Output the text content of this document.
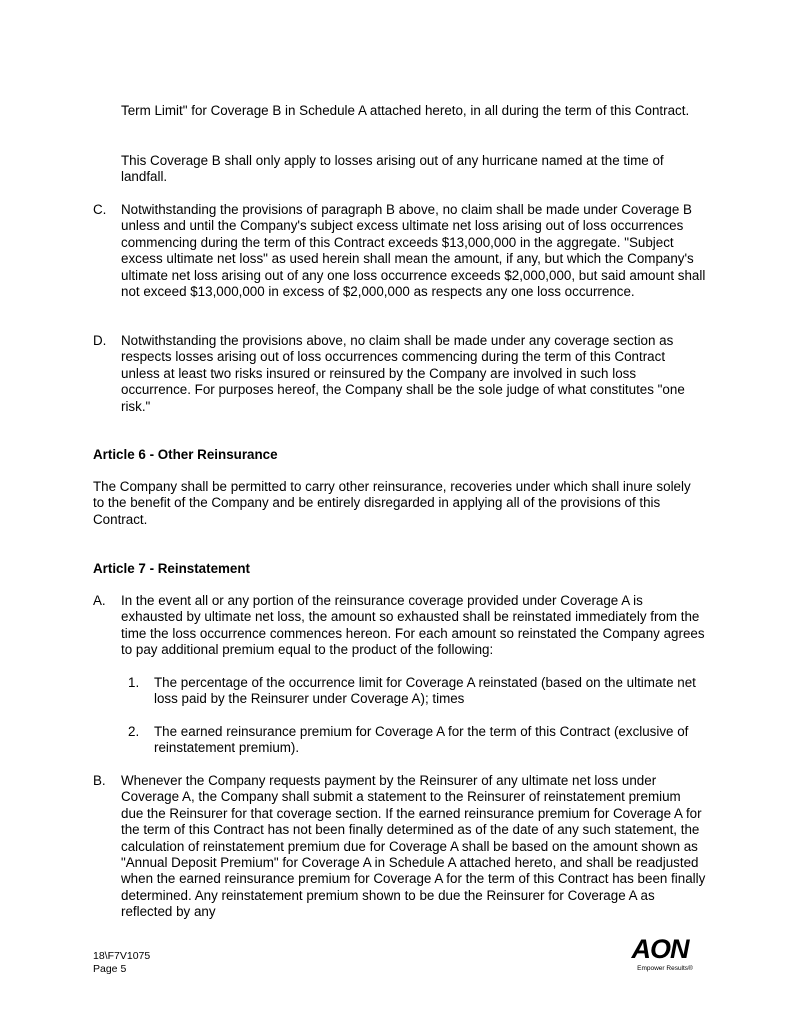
Term Limit" for Coverage B in Schedule A attached hereto, in all during the term of this Contract.
This Coverage B shall only apply to losses arising out of any hurricane named at the time of landfall.
C. Notwithstanding the provisions of paragraph B above, no claim shall be made under Coverage B unless and until the Company's subject excess ultimate net loss arising out of loss occurrences commencing during the term of this Contract exceeds $13,000,000 in the aggregate. "Subject excess ultimate net loss" as used herein shall mean the amount, if any, but which the Company's ultimate net loss arising out of any one loss occurrence exceeds $2,000,000, but said amount shall not exceed $13,000,000 in excess of $2,000,000 as respects any one loss occurrence.
D. Notwithstanding the provisions above, no claim shall be made under any coverage section as respects losses arising out of loss occurrences commencing during the term of this Contract unless at least two risks insured or reinsured by the Company are involved in such loss occurrence. For purposes hereof, the Company shall be the sole judge of what constitutes "one risk."
Article 6 - Other Reinsurance
The Company shall be permitted to carry other reinsurance, recoveries under which shall inure solely to the benefit of the Company and be entirely disregarded in applying all of the provisions of this Contract.
Article 7 - Reinstatement
A. In the event all or any portion of the reinsurance coverage provided under Coverage A is exhausted by ultimate net loss, the amount so exhausted shall be reinstated immediately from the time the loss occurrence commences hereon. For each amount so reinstated the Company agrees to pay additional premium equal to the product of the following:
1. The percentage of the occurrence limit for Coverage A reinstated (based on the ultimate net loss paid by the Reinsurer under Coverage A); times
2. The earned reinsurance premium for Coverage A for the term of this Contract (exclusive of reinstatement premium).
B. Whenever the Company requests payment by the Reinsurer of any ultimate net loss under Coverage A, the Company shall submit a statement to the Reinsurer of reinstatement premium due the Reinsurer for that coverage section. If the earned reinsurance premium for Coverage A for the term of this Contract has not been finally determined as of the date of any such statement, the calculation of reinstatement premium due for Coverage A shall be based on the amount shown as "Annual Deposit Premium" for Coverage A in Schedule A attached hereto, and shall be readjusted when the earned reinsurance premium for Coverage A for the term of this Contract has been finally determined. Any reinstatement premium shown to be due the Reinsurer for Coverage A as reflected by any
18\F7V1075
Page 5
AON
Empower Results®
